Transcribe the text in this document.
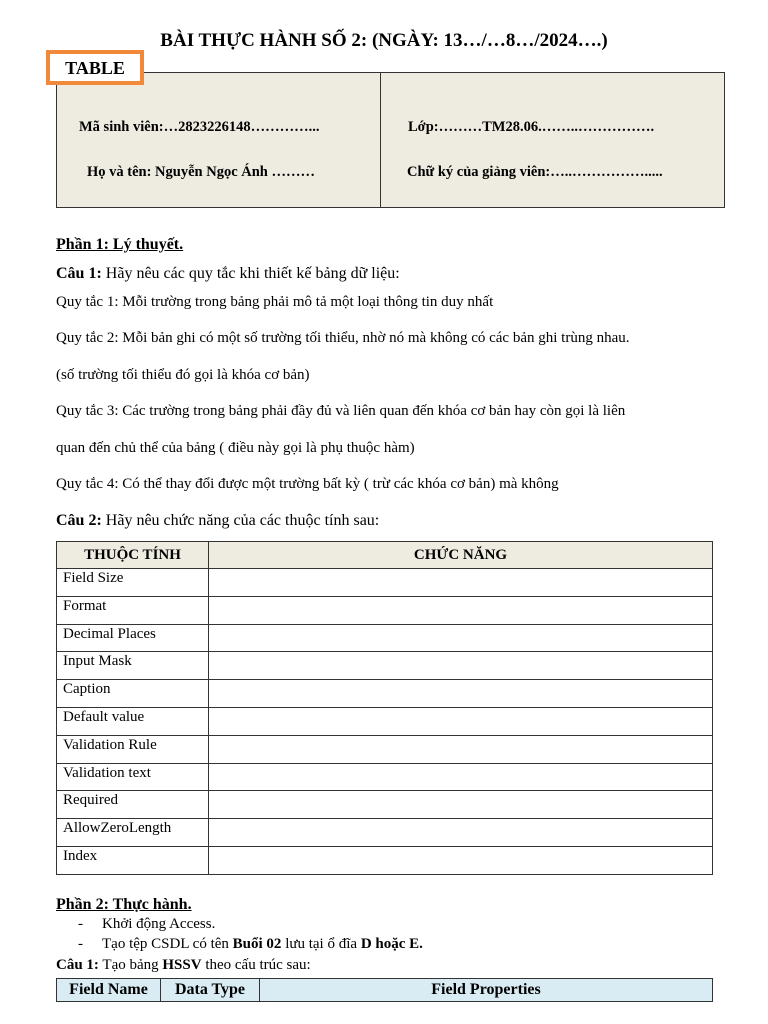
BÀI THỰC HÀNH SỐ 2: (NGÀY: 13…/…8…/2024….)
TABLE
Mã sinh viên:…2823226148…………...	Lớp:………TM28.06.……..…………….
Họ và tên: Nguyễn Ngọc Ánh ………	Chữ ký của giảng viên:…..…………….....
Phần 1: Lý thuyết.
Câu 1: Hãy nêu các quy tắc khi thiết kế bảng dữ liệu:
Quy tắc 1: Mỗi trường trong bảng phải mô tả một loại thông tin duy nhất
Quy tắc 2: Mỗi bản ghi có một số trường tối thiểu, nhờ nó mà không có các bản ghi trùng nhau.
(số trường tối thiểu đó gọi là khóa cơ bản)
Quy tắc 3: Các trường trong bảng phải đầy đủ và liên quan đến khóa cơ bản hay còn gọi là liên
quan đến chủ thể của bảng ( điều này gọi là phụ thuộc hàm)
Quy tắc 4: Có thể thay đổi được một trường bất kỳ ( trừ các khóa cơ bản) mà không
Câu 2: Hãy nêu chức năng của các thuộc tính sau:
THUỘC TÍNH	CHỨC NĂNG
Field Size	
Format	
Decimal Places	
Input Mask	
Caption	
Default value	
Validation Rule	
Validation text	
Required	
AllowZeroLength	
Index	
Phần 2: Thực hành.
- Khởi động Access.
- Tạo tệp CSDL có tên Buổi 02 lưu tại ổ đĩa D hoặc E.
Câu 1: Tạo bảng HSSV theo cấu trúc sau:
Field Name	Data Type	Field Properties
